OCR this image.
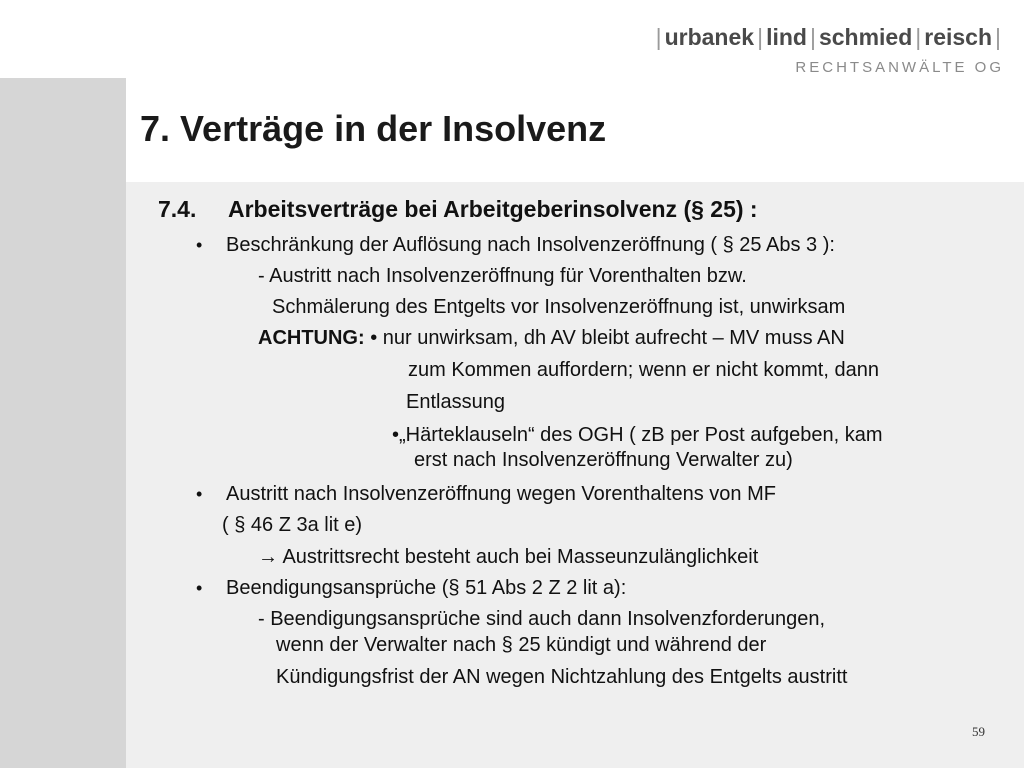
| urbanek | lind | schmied | reisch |
RECHTSANWÄLTE OG
7. Verträge in der Insolvenz
7.4. Arbeitsverträge bei Arbeitgeberinsolvenz (§ 25) :
• Beschränkung der Auflösung nach Insolvenzeröffnung ( § 25 Abs 3 ):
- Austritt nach Insolvenzeröffnung für Vorenthalten bzw.
Schmälerung des Entgelts vor Insolvenzeröffnung ist, unwirksam
ACHTUNG: • nur unwirksam, dh AV bleibt aufrecht – MV muss AN
zum Kommen auffordern; wenn er nicht kommt, dann
Entlassung
•„Härteklauseln“ des OGH ( zB per Post aufgeben, kam
erst nach Insolvenzeröffnung Verwalter zu)
• Austritt nach Insolvenzeröffnung wegen Vorenthaltens von MF
( § 46 Z 3a lit e)
→ Austrittsrecht besteht auch bei Masseunzulänglichkeit
• Beendigungsansprüche (§ 51 Abs 2 Z 2 lit a):
- Beendigungsansprüche sind auch dann Insolvenzforderungen,
wenn der Verwalter nach § 25 kündigt und während der
Kündigungsfrist der AN wegen Nichtzahlung des Entgelts austritt
59
